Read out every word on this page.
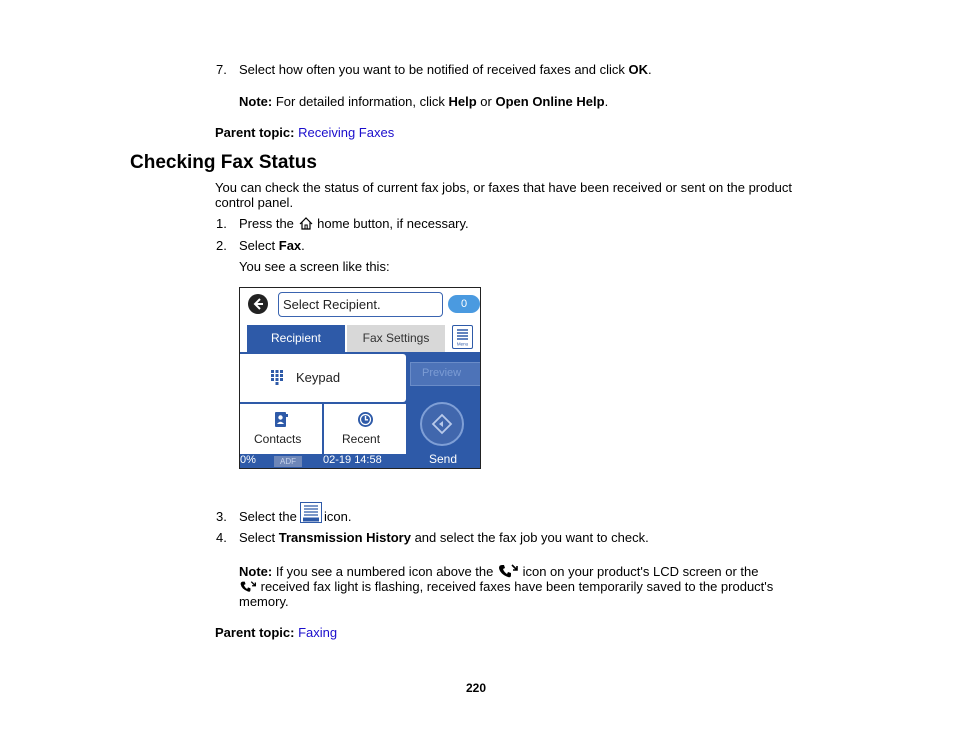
7. Select how often you want to be notified of received faxes and click OK.
Note: For detailed information, click Help or Open Online Help.
Parent topic: Receiving Faxes
Checking Fax Status
You can check the status of current fax jobs, or faxes that have been received or sent on the product
control panel.
1. Press the  home button, if necessary.
2. Select Fax.
You see a screen like this:
Select Recipient.	0
Recipient	Fax Settings	Menu
Keypad
Contacts	Recent
Preview
Send
0%	ADF	02-19 14:58
3. Select the icon.
4. Select Transmission History and select the fax job you want to check.
Note: If you see a numbered icon above the  icon on your product's LCD screen or the
received fax light is flashing, received faxes have been temporarily saved to the product's
memory.
Parent topic: Faxing
220
